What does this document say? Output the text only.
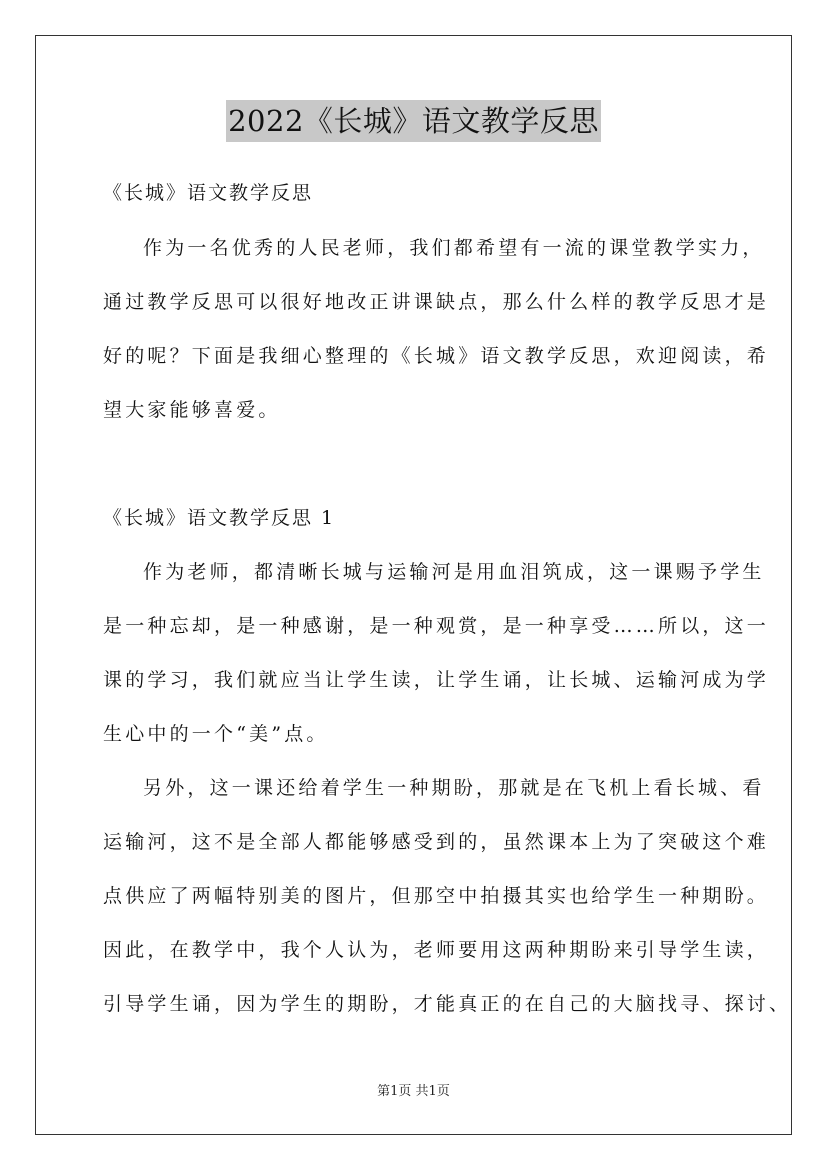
2022《长城》语文教学反思
《长城》语文教学反思
作为一名优秀的人民老师，我们都希望有一流的课堂教学实力，
通过教学反思可以很好地改正讲课缺点，那么什么样的教学反思才是
好的呢？下面是我细心整理的《长城》语文教学反思，欢迎阅读，希
望大家能够喜爱。
《长城》语文教学反思 1
作为老师，都清晰长城与运输河是用血泪筑成，这一课赐予学生
是一种忘却，是一种感谢，是一种观赏，是一种享受……所以，这一
课的学习，我们就应当让学生读，让学生诵，让长城、运输河成为学
生心中的一个“美”点。
另外，这一课还给着学生一种期盼，那就是在飞机上看长城、看
运输河，这不是全部人都能够感受到的，虽然课本上为了突破这个难
点供应了两幅特别美的图片，但那空中拍摄其实也给学生一种期盼。
因此，在教学中，我个人认为，老师要用这两种期盼来引导学生读，
引导学生诵，因为学生的期盼，才能真正的在自己的大脑找寻、探讨、
第1页 共1页
